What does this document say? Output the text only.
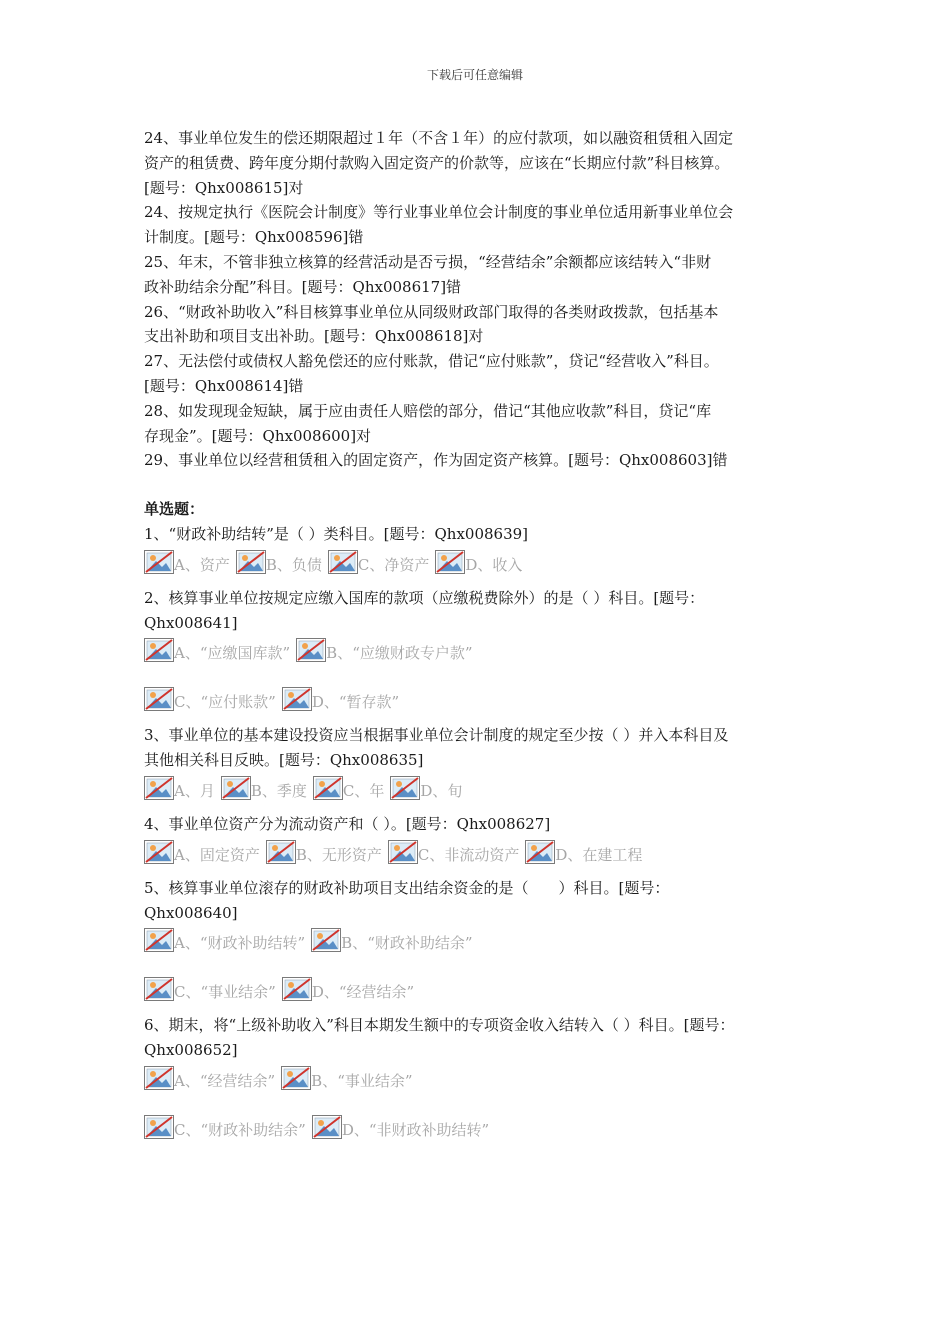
下载后可任意编辑

24、事业单位发生的偿还期限超过１年（不含１年）的应付款项，如以融资租赁租入固定

资产的租赁费、跨年度分期付款购入固定资产的价款等，应该在“长期应付款”科目核算。

[题号：Qhx008615]对

24、按规定执行《医院会计制度》等行业事业单位会计制度的事业单位适用新事业单位会

计制度。[题号：Qhx008596]错

25、年末，不管非独立核算的经营活动是否亏损，“经营结余”余额都应该结转入“非财

政补助结余分配”科目。[题号：Qhx008617]错

26、“财政补助收入”科目核算事业单位从同级财政部门取得的各类财政拨款，包括基本

支出补助和项目支出补助。[题号：Qhx008618]对

27、无法偿付或债权人豁免偿还的应付账款，借记“应付账款”，贷记“经营收入”科目。

[题号：Qhx008614]错

28、如发现现金短缺，属于应由责任人赔偿的部分，借记“其他应收款”科目，贷记“库

存现金”。[题号：Qhx008600]对

29、事业单位以经营租赁租入的固定资产，作为固定资产核算。[题号：Qhx008603]错

单选题：

1、“财政补助结转”是（ ）类科目。[题号：Qhx008639]

A、资产 B、负债 C、净资产 D、收入

2、核算事业单位按规定应缴入国库的款项（应缴税费除外）的是（ ）科目。[题号：

Qhx008641]

A、“应缴国库款” B、“应缴财政专户款”
C、“应付账款” D、“暂存款”

3、事业单位的基本建设投资应当根据事业单位会计制度的规定至少按（ ）并入本科目及

其他相关科目反映。[题号：Qhx008635]

A、月 B、季度 C、年 D、旬

4、事业单位资产分为流动资产和（ ）。[题号：Qhx008627]

A、固定资产 B、无形资产 C、非流动资产 D、在建工程

5、核算事业单位滚存的财政补助项目支出结余资金的是（　　）科目。[题号：

Qhx008640]

A、“财政补助结转” B、“财政补助结余”
C、“事业结余” D、“经营结余”

6、期末，将“上级补助收入”科目本期发生额中的专项资金收入结转入（ ）科目。[题号：

Qhx008652]

A、“经营结余” B、“事业结余”
C、“财政补助结余” D、“非财政补助结转”
